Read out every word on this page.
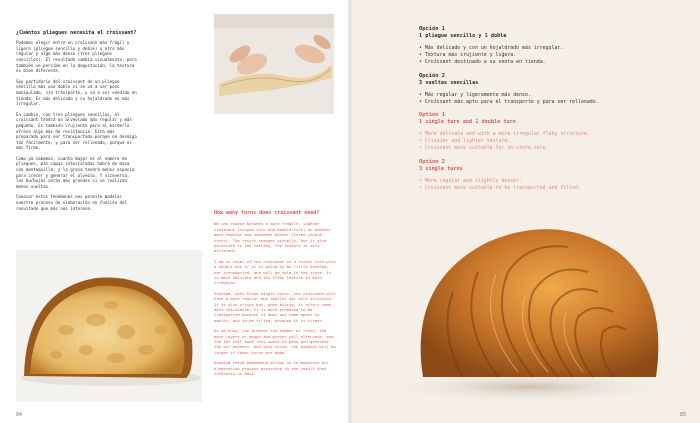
¿Cuántos pliegues necesita el croissant?

Podemos elegir entre un croissant más frágil y ligero (pliegue sencillo y doble) u otro más regular y algo más denso (tres pliegues sencillos). El resultado cambia visualmente, pero también se percibe en la degustación, la textura es bien diferente.

Soy partidario del croissant de un pliegue sencillo más uno doble si se va a ser poco manipulado, sin transporte, y va a ser vendido en tienda. Es más delicado y su hojaldrado es más irregular.

En cambio, con tres pliegues sencillos, el croissant tendrá un alveolado más regular y más pequeño. Es también crujiente pero al morderlo ofrece algo más de resistencia. Está más preparado para ser transportado porque no desmiga tan fácilmente, y para ser rellenado, porque es más firme.

Como ya sabemos, cuanto mayor es el número de pliegues, más capas intercaladas habrá de masa con mantequilla, y la grasa tendrá menos espacio para crecer y generar el alveolo. Y viceversa, las burbujas serán más grandes si se realizan menos vueltas.

Conocer estos fenómenos nos permite modelar nuestro proceso de elaboración en función del resultado que más nos interese.

How many turns does croissant need?

We can choose between a more fragile, lighter croissant (single turn and double turn) or another more regular and somewhat denser (three single turns). The result changes visually, but it also perceived in the tasting, the texture is very different.

I am in favor of the croissant of a single turn plus a double one if it is going to be little handled, not transported, and will be sold in the store. It is more delicate and its flaky texture is more irregular.

Instead, with three single turns, the croissant will have a more regular and smaller air cell structure. It is also crispy but, when biting, it offers some more resistance. It is more prepared to be transported because it does not come apart so easily, and to be filled, because it is firmer.

As we know, the greater the number of turns, the more layers of dough and butter will alternate, and the fat will have less space to grow and generate the air pockets. And vice versa, the bubbles will be larger if fewer turns are made.

Knowing these phenomena allows us to modulate our elaboration process according to the result that interests us most.

84
Opción 1
1 pliegue sencillo y 1 doble
• Más delicado y con un hojaldrado más irregular.
• Textura más crujiente y ligera.
• Croissant destinado a su venta en tienda.
Opción 2
3 vueltas sencillas
• Más regular y ligeramente más denso.
• Croissant más apto para el transporte y para ser rellenado.
Option 1
1 single turn and 1 double turn
• More delicate and with a more irregular flaky structure.
• Crispier and lighter texture.
• Croissant more suitable for in-store sale.
Option 2
3 single turns
• More regular and slightly denser.
• Croissant more suitable to be transported and filled.
85
